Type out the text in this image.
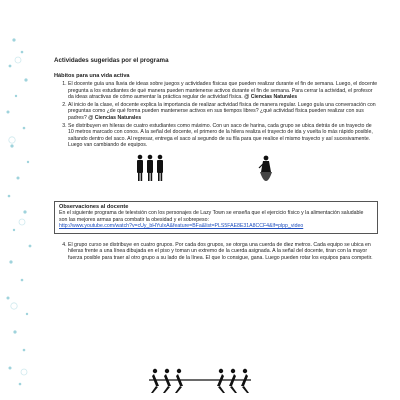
Actividades sugeridas por el programa
Hábitos para una vida activa
1. El docente guía una lluvia de ideas sobre juegos y actividades físicas que pueden realizar durante el fin de semana. Luego, el docente pregunta a los estudiantes de qué manera pueden mantenerse activos durante el fin de semana. Para cerrar la actividad, el profesor da ideas atractivas de cómo aumentar la práctica regular de actividad física. @ Ciencias Naturales
2. Al inicio de la clase, el docente explica la importancia de realizar actividad física de manera regular. Luego guía una conversación con preguntas como ¿de qué forma pueden mantenerse activos en sus tiempos libres? ¿qué actividad física pueden realizar con sus padres? @ Ciencias Naturales
3. Se distribuyen en hileras de cuatro estudiantes como máximo. Con un saco de harina, cada grupo se ubica detrás de un trayecto de 10 metros marcado con conos. A la señal del docente, el primero de la hilera realiza el trayecto de ida y vuelta lo más rápido posible, saltando dentro del saco. Al regresar, entrega el saco al segundo de su fila para que realice el mismo trayecto y así sucesivamente. Luego van cambiando de equipos.
Observaciones al docente
En el siguiente programa de televisión con los personajes de Lazy Town se enseña que el ejercicio físico y la alimentación saludable son las mejores armas para combatir la obesidad y el sobrepeso:
http://www.youtube.com/watch?v=cUy_bHYuIxA&feature=BFa&list=PLS5FAE8E31A8CCF4&lf=plpp_video
4. El grupo curso se distribuye en cuatro grupos. Por cada dos grupos, se otorga una cuerda de diez metros. Cada equipo se ubica en hileras frente a una línea dibujada en el piso y toman un extremo de la cuerda asignada. A la señal del docente, tiran con la mayor fuerza posible para traer al otro grupo a su lado de la línea. El que lo consigue, gana. Luego pueden rotar los equipos para competir.
